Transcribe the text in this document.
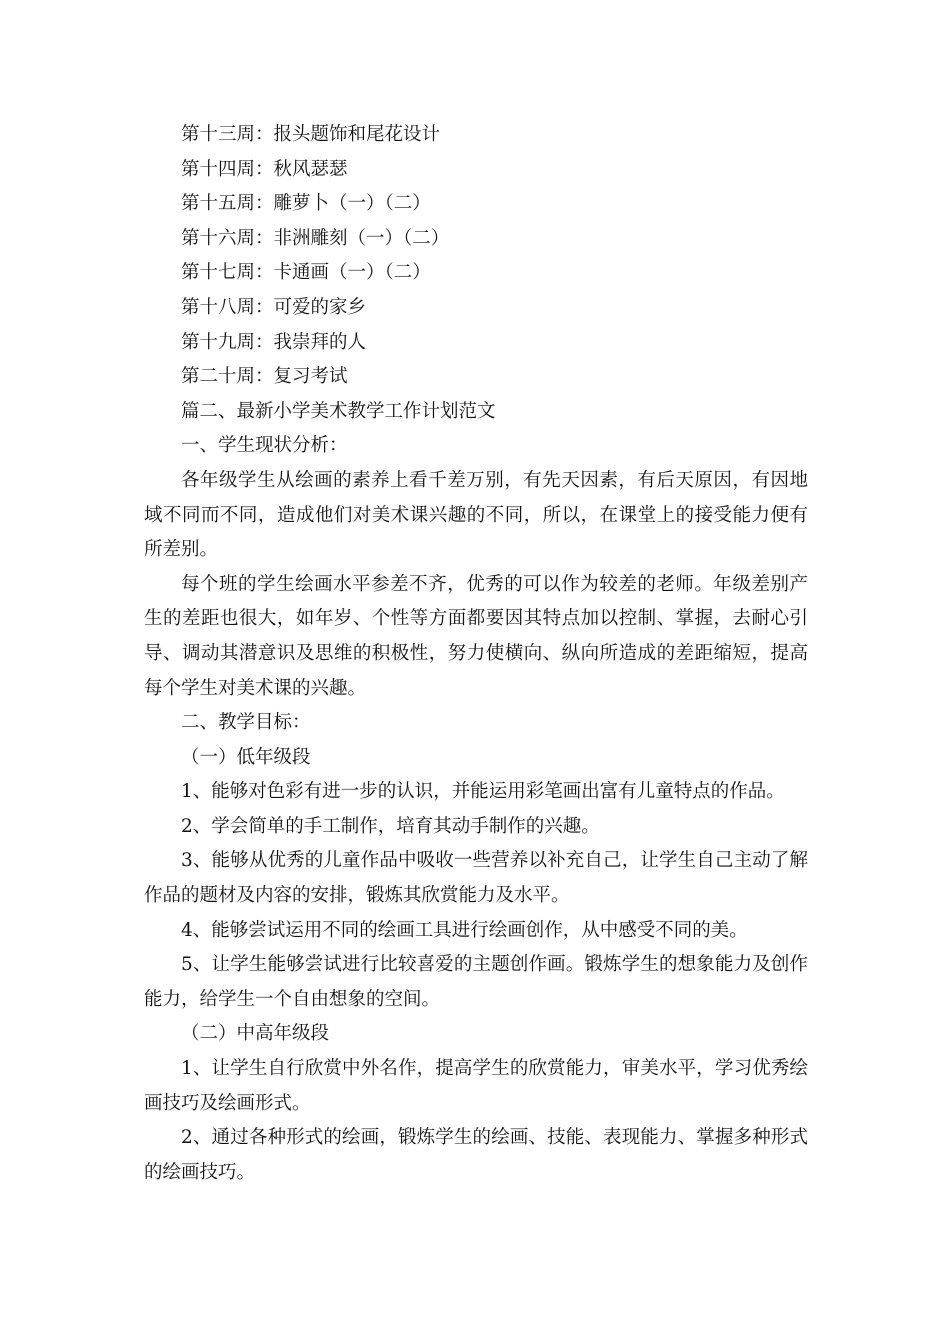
第十三周：报头题饰和尾花设计

第十四周：秋风瑟瑟

第十五周：雕萝卜（一）（二）

第十六周：非洲雕刻（一）（二）

第十七周：卡通画（一）（二）

第十八周：可爱的家乡

第十九周：我崇拜的人

第二十周：复习考试

篇二、最新小学美术教学工作计划范文

一、学生现状分析：

各年级学生从绘画的素养上看千差万别，有先天因素，有后天原因，有因地域不同而不同，造成他们对美术课兴趣的不同，所以，在课堂上的接受能力便有所差别。

每个班的学生绘画水平参差不齐，优秀的可以作为较差的老师。年级差别产生的差距也很大，如年岁、个性等方面都要因其特点加以控制、掌握，去耐心引导、调动其潜意识及思维的积极性，努力使横向、纵向所造成的差距缩短，提高每个学生对美术课的兴趣。

二、教学目标：

（一）低年级段

1、能够对色彩有进一步的认识，并能运用彩笔画出富有儿童特点的作品。

2、学会简单的手工制作，培育其动手制作的兴趣。

3、能够从优秀的儿童作品中吸收一些营养以补充自己，让学生自己主动了解作品的题材及内容的安排，锻炼其欣赏能力及水平。

4、能够尝试运用不同的绘画工具进行绘画创作，从中感受不同的美。

5、让学生能够尝试进行比较喜爱的主题创作画。锻炼学生的想象能力及创作能力，给学生一个自由想象的空间。

（二）中高年级段

1、让学生自行欣赏中外名作，提高学生的欣赏能力，审美水平，学习优秀绘画技巧及绘画形式。

2、通过各种形式的绘画，锻炼学生的绘画、技能、表现能力、掌握多种形式的绘画技巧。
